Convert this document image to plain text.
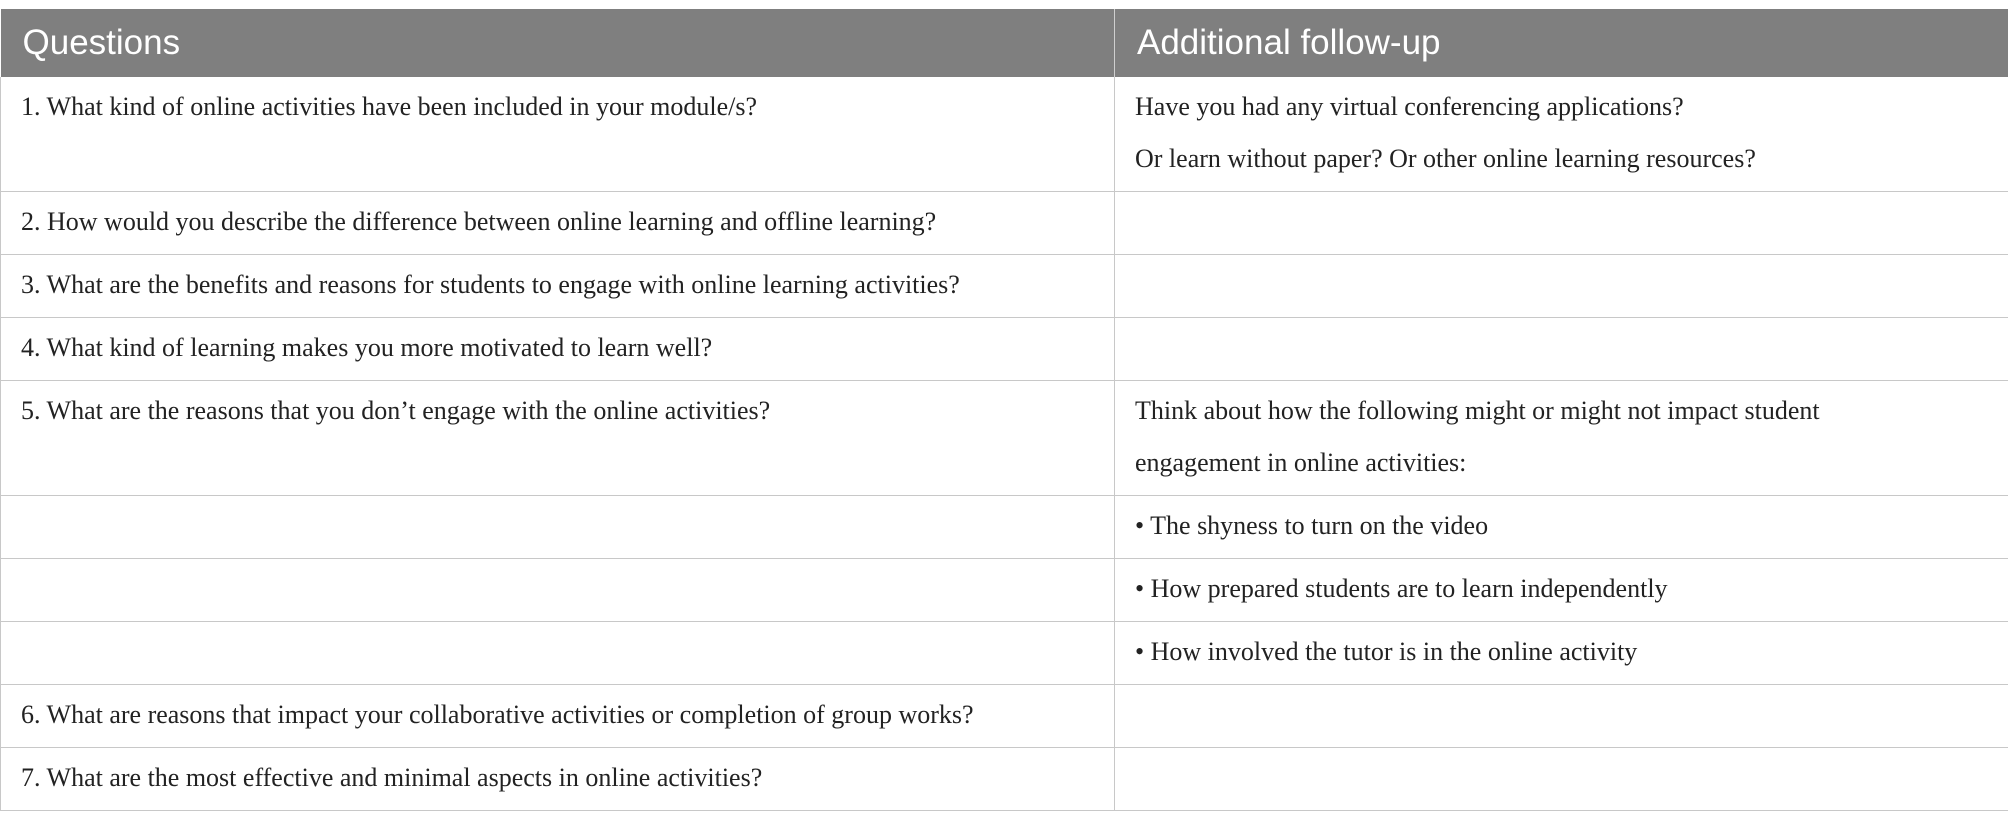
Questions	Additional follow-up
1. What kind of online activities have been included in your module/s?	Have you had any virtual conferencing applications?
Or learn without paper? Or other online learning resources?

2. How would you describe the difference between online learning and offline learning?	
3. What are the benefits and reasons for students to engage with online learning activities?	
4. What kind of learning makes you more motivated to learn well?	
5. What are the reasons that you don’t engage with the online activities?	Think about how the following might or might not impact student
engagement in online activities:

	• The shyness to turn on the video
	• How prepared students are to learn independently
	• How involved the tutor is in the online activity
6. What are reasons that impact your collaborative activities or completion of group works?	
7. What are the most effective and minimal aspects in online activities?	
